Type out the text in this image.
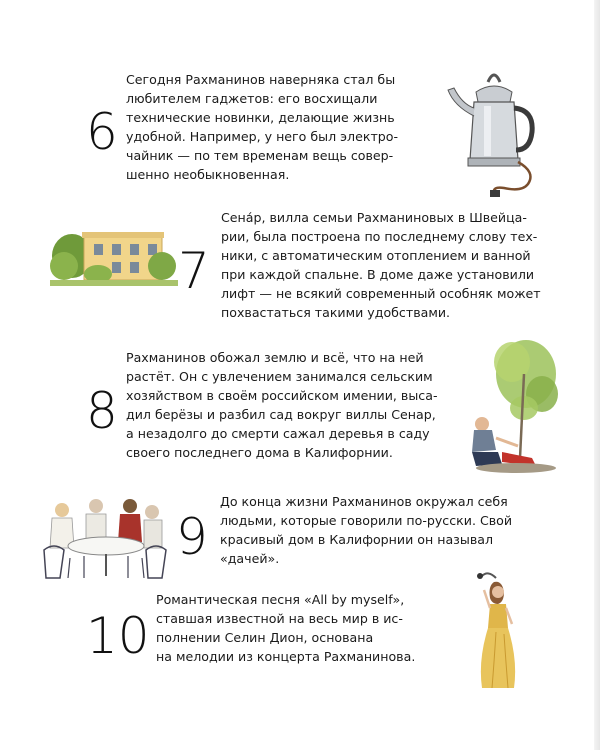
6

Сегодня Рахманинов наверняка стал бы
любителем гаджетов: его восхищали
технические новинки, делающие жизнь
удобной. Например, у него был электро-
чайник — по тем временам вещь совер-
шенно необыкновенная.

7

Сена́р, вилла семьи Рахманиновых в Швейца-
рии, была построена по последнему слову тех-
ники, с автоматическим отоплением и ванной
при каждой спальне. В доме даже установили
лифт — не всякий современный особняк может
похвастаться такими удобствами.

8

Рахманинов обожал землю и всё, что на ней
растёт. Он с увлечением занимался сельским
хозяйством в своём российском имении, выса-
дил берёзы и разбил сад вокруг виллы Сенар,
а незадолго до смерти сажал деревья в саду
своего последнего дома в Калифорнии.

9

До конца жизни Рахманинов окружал себя
людьми, которые говорили по-русски. Свой
красивый дом в Калифорнии он называл
«дачей».

10

Романтическая песня «All by myself»,
ставшая известной на весь мир в ис-
полнении Селин Дион, основана
на мелодии из концерта Рахманинова.
